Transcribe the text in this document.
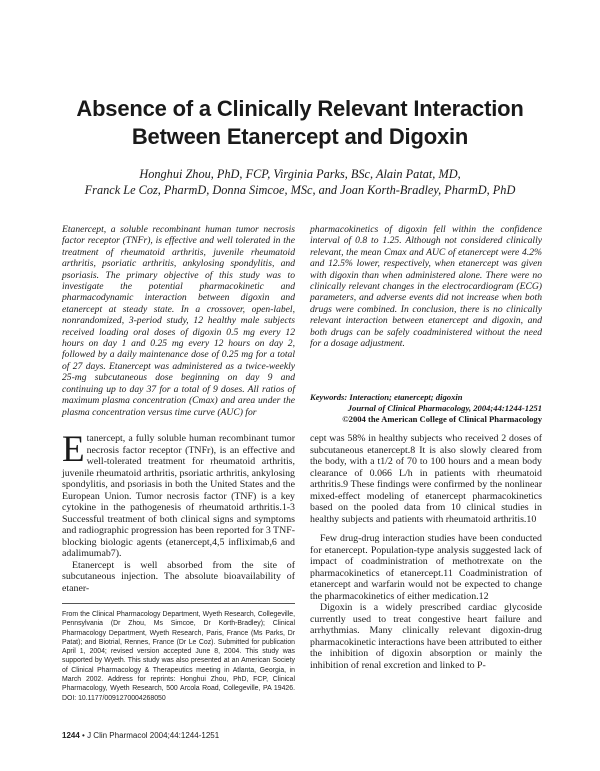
Absence of a Clinically Relevant Interaction
Between Etanercept and Digoxin
Honghui Zhou, PhD, FCP, Virginia Parks, BSc, Alain Patat, MD,
Franck Le Coz, PharmD, Donna Simcoe, MSc, and Joan Korth-Bradley, PharmD, PhD

Etanercept, a soluble recombinant human tumor necrosis factor receptor (TNFr), is effective and well tolerated in the treatment of rheumatoid arthritis, juvenile rheumatoid arthritis, psoriatic arthritis, ankylosing spondylitis, and psoriasis. The primary objective of this study was to investigate the potential pharmacokinetic and pharmacodynamic interaction between digoxin and etanercept at steady state. In a crossover, open-label, nonrandomized, 3-period study, 12 healthy male subjects received loading oral doses of digoxin 0.5 mg every 12 hours on day 1 and 0.25 mg every 12 hours on day 2, followed by a daily maintenance dose of 0.25 mg for a total of 27 days. Etanercept was administered as a twice-weekly 25-mg subcutaneous dose beginning on day 9 and continuing up to day 37 for a total of 9 doses. All ratios of maximum plasma concentration (Cmax) and area under the plasma concentration versus time curve (AUC) for

pharmacokinetics of digoxin fell within the confidence interval of 0.8 to 1.25. Although not considered clinically relevant, the mean Cmax and AUC of etanercept were 4.2% and 12.5% lower, respectively, when etanercept was given with digoxin than when administered alone. There were no clinically relevant changes in the electrocardiogram (ECG) parameters, and adverse events did not increase when both drugs were combined. In conclusion, there is no clinically relevant interaction between etanercept and digoxin, and both drugs can be safely coadministered without the need for a dosage adjustment.

Keywords: Interaction; etanercept; digoxin
Journal of Clinical Pharmacology, 2004;44:1244-1251
©2004 the American College of Clinical Pharmacology

Etanercept, a fully soluble human recombinant tumor necrosis factor receptor (TNFr), is an effective and well-tolerated treatment for rheumatoid arthritis, juvenile rheumatoid arthritis, psoriatic arthritis, ankylosing spondylitis, and psoriasis in both the United States and the European Union. Tumor necrosis factor (TNF) is a key cytokine in the pathogenesis of rheumatoid arthritis.1-3 Successful treatment of both clinical signs and symptoms and radiographic progression has been reported for 3 TNF-blocking biologic agents (etanercept,4,5 infliximab,6 and adalimumab7).

Etanercept is well absorbed from the site of subcutaneous injection. The absolute bioavailability of etaner-

cept was 58% in healthy subjects who received 2 doses of subcutaneous etanercept.8 It is also slowly cleared from the body, with a t1/2 of 70 to 100 hours and a mean body clearance of 0.066 L/h in patients with rheumatoid arthritis.9 These findings were confirmed by the nonlinear mixed-effect modeling of etanercept pharmacokinetics based on the pooled data from 10 clinical studies in healthy subjects and patients with rheumatoid arthritis.10

Few drug-drug interaction studies have been conducted for etanercept. Population-type analysis suggested lack of impact of coadministration of methotrexate on the pharmacokinetics of etanercept.11 Coadministration of etanercept and warfarin would not be expected to change the pharmacokinetics of either medication.12

Digoxin is a widely prescribed cardiac glycoside currently used to treat congestive heart failure and arrhythmias. Many clinically relevant digoxin-drug pharmacokinetic interactions have been attributed to either the inhibition of digoxin absorption or mainly the inhibition of renal excretion and linked to P-

From the Clinical Pharmacology Department, Wyeth Research, Collegeville, Pennsylvania (Dr Zhou, Ms Simcoe, Dr Korth-Bradley); Clinical Pharmacology Department, Wyeth Research, Paris, France (Ms Parks, Dr Patat); and Biotrial, Rennes, France (Dr Le Coz). Submitted for publication April 1, 2004; revised version accepted June 8, 2004. This study was supported by Wyeth. This study was also presented at an American Society of Clinical Pharmacology & Therapeutics meeting in Atlanta, Georgia, in March 2002. Address for reprints: Honghui Zhou, PhD, FCP, Clinical Pharmacology, Wyeth Research, 500 Arcola Road, Collegeville, PA 19426. DOI: 10.1177/0091270004268050
1244 • J Clin Pharmacol 2004;44:1244-1251
